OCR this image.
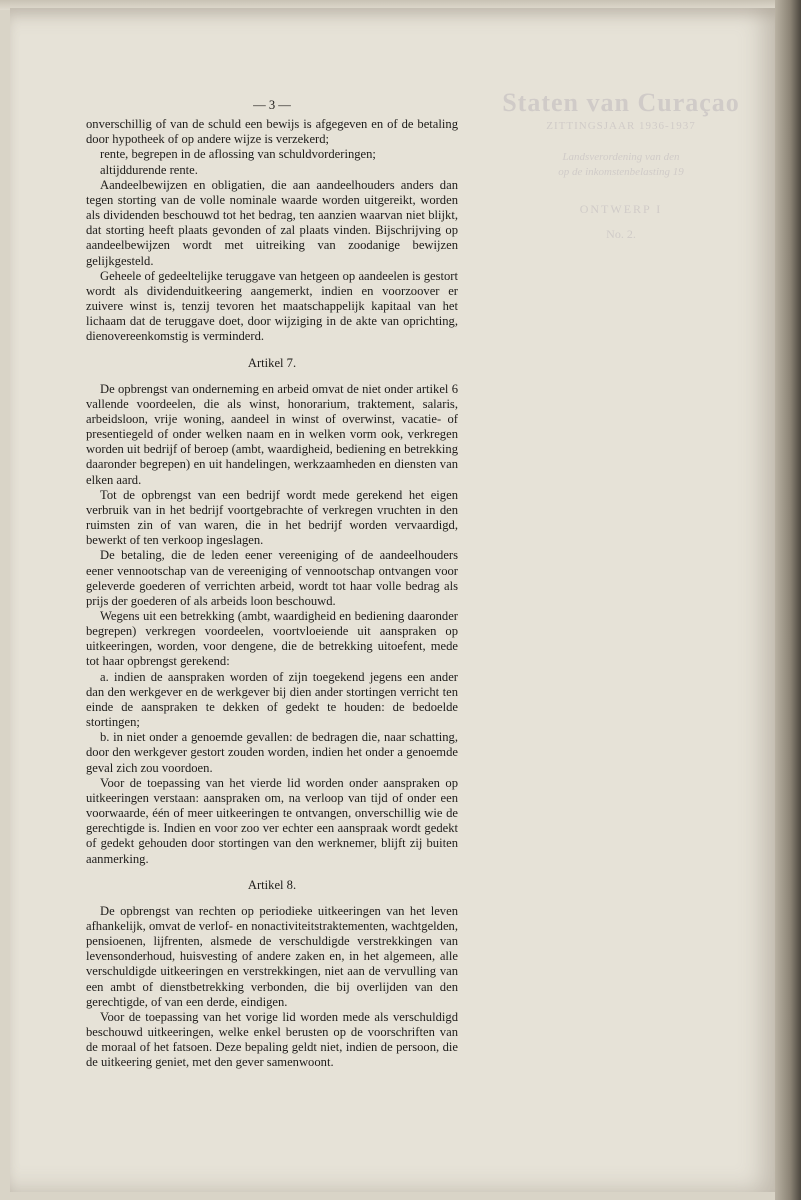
Staten van Curaçao
ZITTINGSJAAR 1936-1937
Landsverordening van den
op de inkomstenbelasting 19
ONTWERP I
No. 2.
— 3 —

onverschillig of van de schuld een bewijs is afgegeven en of de betaling door hypotheek of op andere wijze is verzekerd;

rente, begrepen in de aflossing van schuldvorderingen;

altijddurende rente.

Aandeelbewijzen en obligatien, die aan aandeelhouders anders dan tegen storting van de volle nominale waarde worden uitgereikt, worden als dividenden beschouwd tot het bedrag, ten aanzien waarvan niet blijkt, dat storting heeft plaats gevonden of zal plaats vinden. Bijschrijving op aandeelbewijzen wordt met uitreiking van zoodanige bewijzen gelijkgesteld.

Geheele of gedeeltelijke teruggave van hetgeen op aandeelen is gestort wordt als dividenduitkeering aangemerkt, indien en voorzoover er zuivere winst is, tenzij tevoren het maatschappelijk kapitaal van het lichaam dat de teruggave doet, door wijziging in de akte van oprichting, dienovereenkomstig is verminderd.

Artikel 7.

De opbrengst van onderneming en arbeid omvat de niet onder artikel 6 vallende voordeelen, die als winst, honorarium, traktement, salaris, arbeidsloon, vrije woning, aandeel in winst of overwinst, vacatie- of presentiegeld of onder welken naam en in welken vorm ook, verkregen worden uit bedrijf of beroep (ambt, waardigheid, bediening en betrekking daaronder begrepen) en uit handelingen, werkzaamheden en diensten van elken aard.

Tot de opbrengst van een bedrijf wordt mede gerekend het eigen verbruik van in het bedrijf voortgebrachte of verkregen vruchten in den ruimsten zin of van waren, die in het bedrijf worden vervaardigd, bewerkt of ten verkoop ingeslagen.

De betaling, die de leden eener vereeniging of de aandeelhouders eener vennootschap van de vereeniging of vennootschap ontvangen voor geleverde goederen of verrichten arbeid, wordt tot haar volle bedrag als prijs der goederen of als arbeids loon beschouwd.

Wegens uit een betrekking (ambt, waardigheid en bediening daaronder begrepen) verkregen voordeelen, voortvloeiende uit aanspraken op uitkeeringen, worden, voor dengene, die de betrekking uitoefent, mede tot haar opbrengst gerekend:

a. indien de aanspraken worden of zijn toegekend jegens een ander dan den werkgever en de werkgever bij dien ander stortingen verricht ten einde de aanspraken te dekken of gedekt te houden: de bedoelde stortingen;

b. in niet onder a genoemde gevallen: de bedragen die, naar schatting, door den werkgever gestort zouden worden, indien het onder a genoemde geval zich zou voordoen.

Voor de toepassing van het vierde lid worden onder aanspraken op uitkeeringen verstaan: aanspraken om, na verloop van tijd of onder een voorwaarde, één of meer uitkeeringen te ontvangen, onverschillig wie de gerechtigde is. Indien en voor zoo ver echter een aanspraak wordt gedekt of gedekt gehouden door stortingen van den werknemer, blijft zij buiten aanmerking.

Artikel 8.

De opbrengst van rechten op periodieke uitkeeringen van het leven afhankelijk, omvat de verlof- en nonactiviteitstraktementen, wachtgelden, pensioenen, lijfrenten, alsmede de verschuldigde verstrekkingen van levensonderhoud, huisvesting of andere zaken en, in het algemeen, alle verschuldigde uitkeeringen en verstrekkingen, niet aan de vervulling van een ambt of dienstbetrekking verbonden, die bij overlijden van den gerechtigde, of van een derde, eindigen.

Voor de toepassing van het vorige lid worden mede als verschuldigd beschouwd uitkeeringen, welke enkel berusten op de voorschriften van de moraal of het fatsoen. Deze bepaling geldt niet, indien de persoon, die de uitkeering geniet, met den gever samenwoont.
